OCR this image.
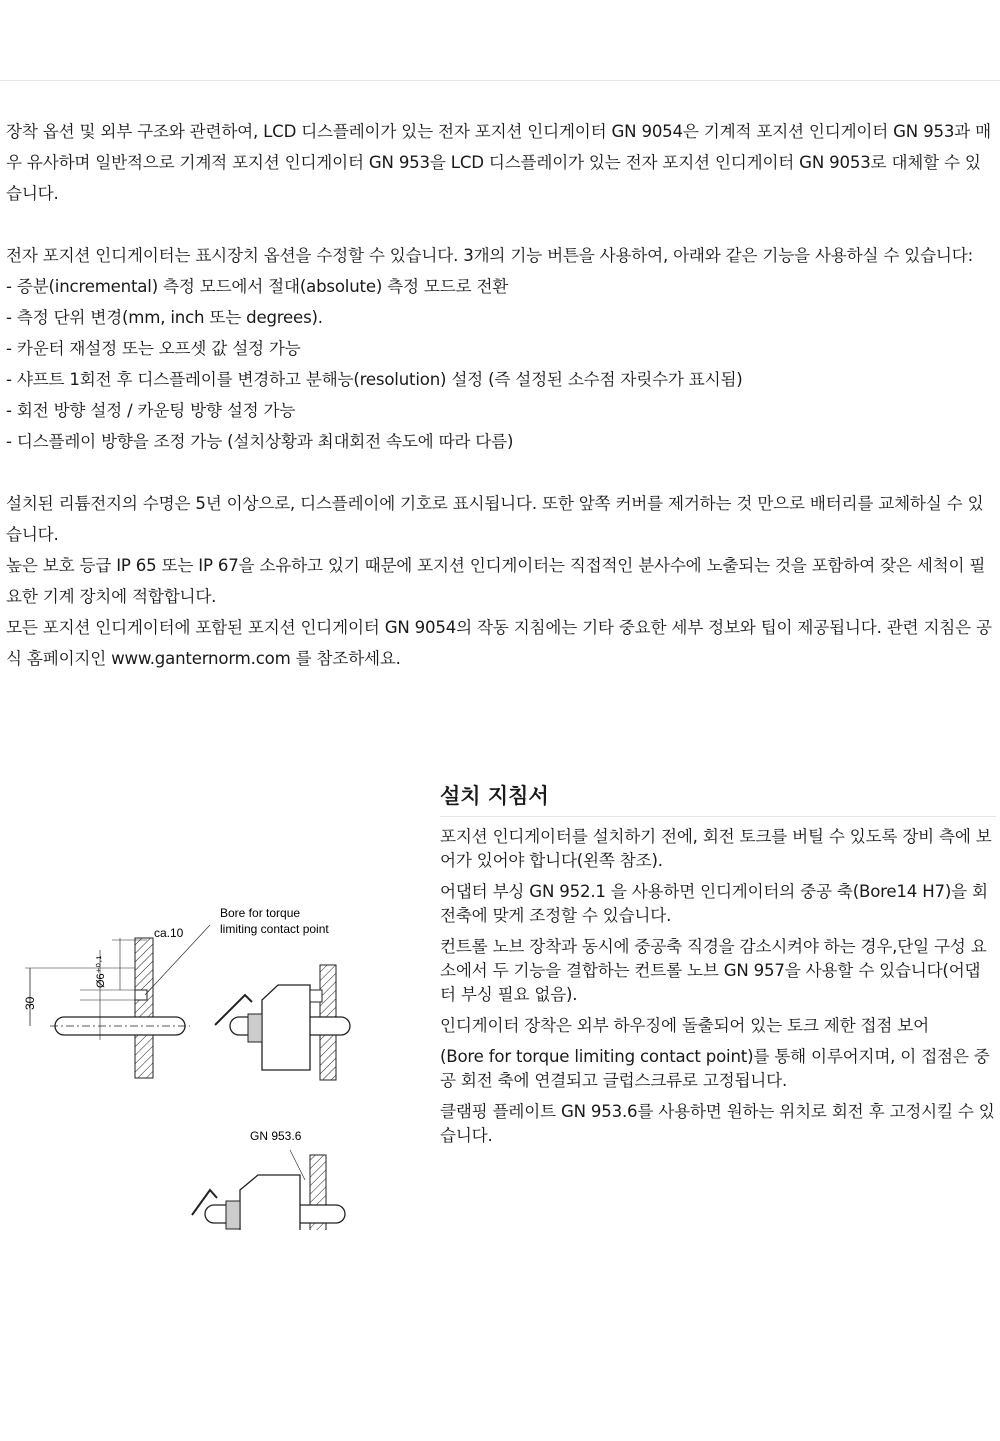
장착 옵션 및 외부 구조와 관련하여, LCD 디스플레이가 있는 전자 포지션 인디게이터 GN 9054은 기계적 포지션 인디게이터 GN 953과 매우 유사하며 일반적으로 기계적 포지션 인디게이터 GN 953을 LCD 디스플레이가 있는 전자 포지션 인디게이터 GN 9053로 대체할 수 있습니다.

전자 포지션 인디게이터는 표시장치 옵션을 수정할 수 있습니다. 3개의 기능 버튼을 사용하여, 아래와 같은 기능을 사용하실 수 있습니다:

- 증분(incremental) 측정 모드에서 절대(absolute) 측정 모드로 전환
- 측정 단위 변경(mm, inch 또는 degrees).
- 카운터 재설정 또는 오프셋 값 설정 가능
- 샤프트 1회전 후 디스플레이를 변경하고 분해능(resolution) 설정 (즉 설정된 소수점 자릿수가 표시됨)
- 회전 방향 설정 / 카운팅 방향 설정 가능
- 디스플레이 방향을 조정 가능 (설치상황과 최대회전 속도에 따라 다름)

설치된 리튬전지의 수명은 5년 이상으로, 디스플레이에 기호로 표시됩니다. 또한 앞쪽 커버를 제거하는 것 만으로 배터리를 교체하실 수 있습니다.

높은 보호 등급 IP 65 또는 IP 67을 소유하고 있기 때문에 포지션 인디게이터는 직접적인 분사수에 노출되는 것을 포함하여 잦은 세척이 필요한 기계 장치에 적합합니다.

모든 포지션 인디게이터에 포함된 포지션 인디게이터 GN 9054의 작동 지침에는 기타 중요한 세부 정보와 팁이 제공됩니다. 관련 지침은 공식 홈페이지인 www.ganternorm.com 를 참조하세요.

30
Ø6⁺⁰·¹
ca.10
Bore for torque
limiting contact point
GN 953.6
설치 지침서

포지션 인디게이터를 설치하기 전에, 회전 토크를 버틸 수 있도록 장비 측에 보어가 있어야 합니다(왼쪽 참조).

어댑터 부싱 GN 952.1 을 사용하면 인디게이터의 중공 축(Bore14 H7)을 회전축에 맞게 조정할 수 있습니다.

컨트롤 노브 장착과 동시에 중공축 직경을 감소시켜야 하는 경우,단일 구성 요소에서 두 기능을 결합하는 컨트롤 노브 GN 957을 사용할 수 있습니다(어댑터 부싱 필요 없음).

인디게이터 장착은 외부 하우징에 돌출되어 있는 토크 제한 접점 보어

(Bore for torque limiting contact point)를 통해 이루어지며, 이 접점은 중공 회전 축에 연결되고 글럽스크류로 고정됩니다.

클램핑 플레이트 GN 953.6를 사용하면 원하는 위치로 회전 후 고정시킬 수 있습니다.
